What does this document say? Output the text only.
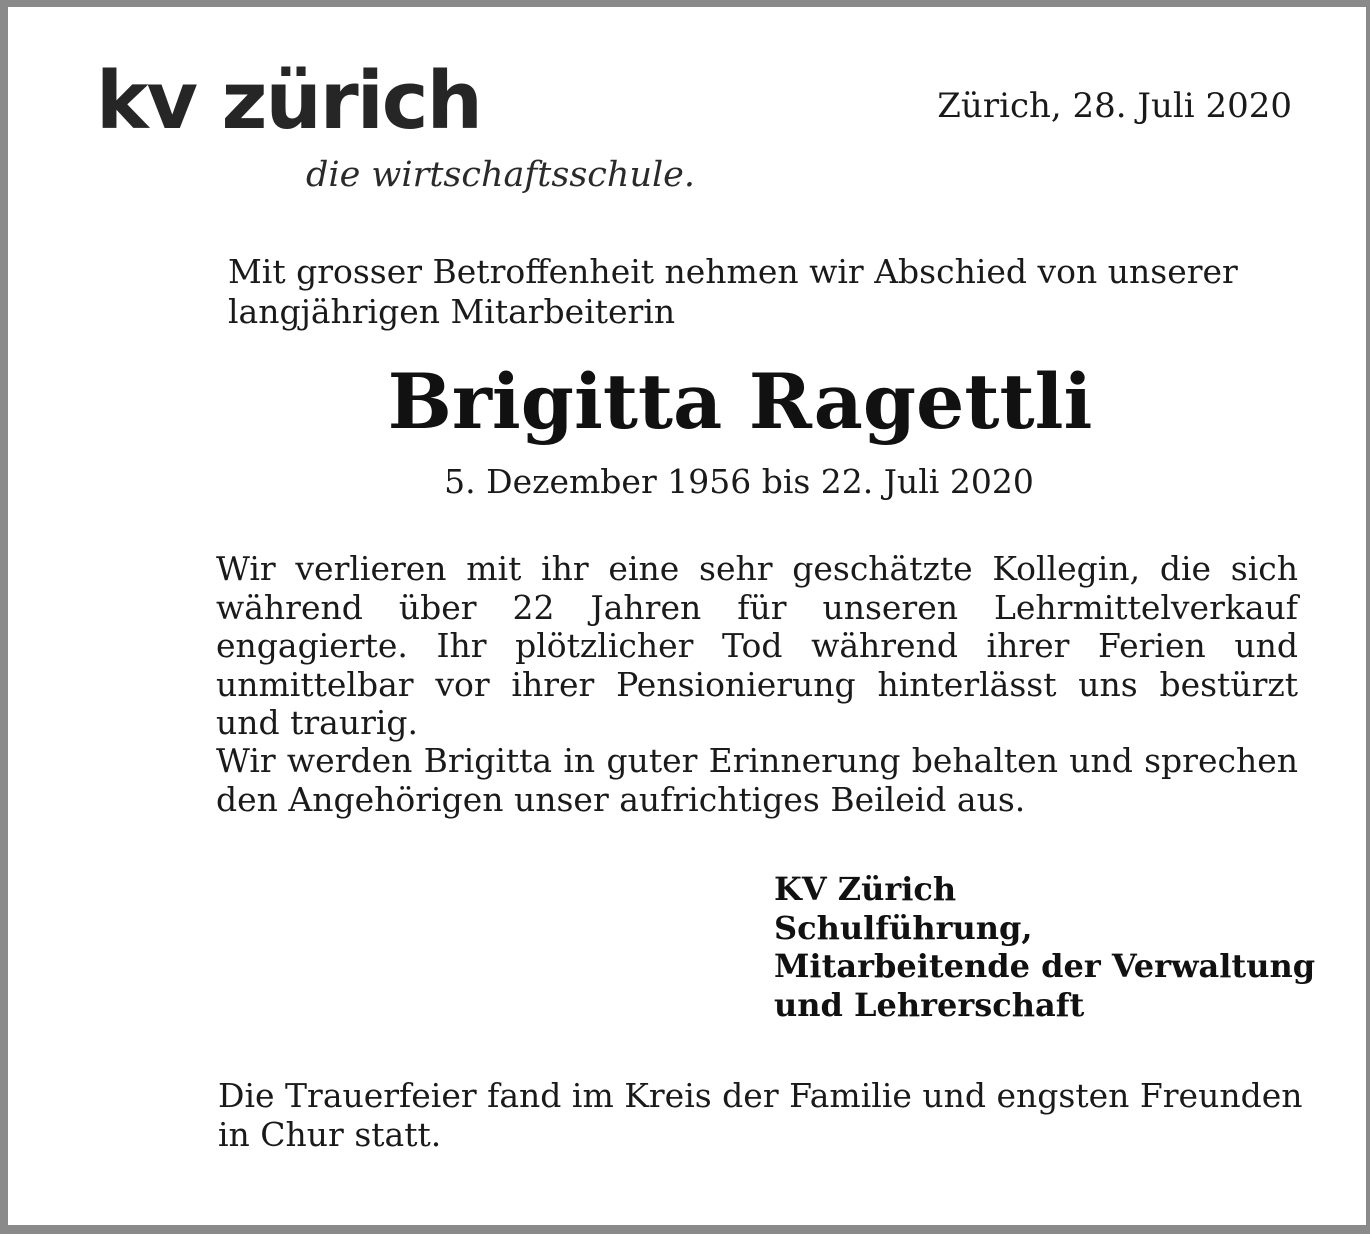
kv zürich
die wirtschaftsschule.
Zürich, 28. Juli 2020
Mit grosser Betroffenheit nehmen wir Abschied von unserer langjährigen Mitarbeiterin
Brigitta Ragettli
5. Dezember 1956 bis 22. Juli 2020
Wir verlieren mit ihr eine sehr geschätzte Kollegin, die sich während über 22 Jahren für unseren Lehrmittelverkauf engagierte. Ihr plötzlicher Tod während ihrer Ferien und unmittelbar vor ihrer Pensionierung hinterlässt uns bestürzt und traurig.
Wir werden Brigitta in guter Erinnerung behalten und sprechen den Angehörigen unser aufrichtiges Beileid aus.
KV Zürich
Schulführung,
Mitarbeitende der Verwaltung
und Lehrerschaft
Die Trauerfeier fand im Kreis der Familie und engsten Freunden in Chur statt.
